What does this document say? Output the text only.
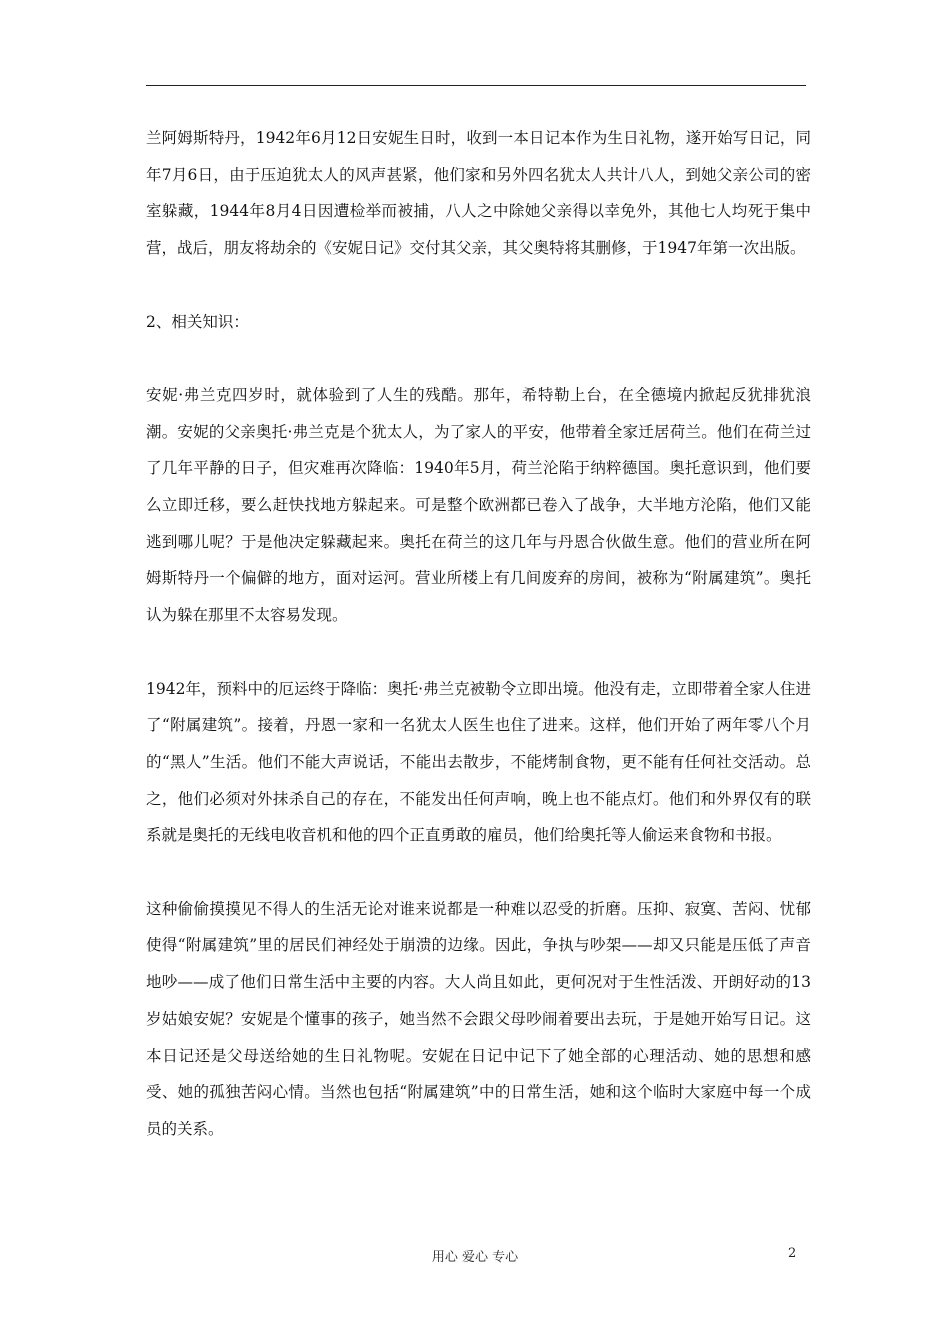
兰阿姆斯特丹，1942年6月12日安妮生日时，收到一本日记本作为生日礼物，遂开始写日记，同年7月6日，由于压迫犹太人的风声甚紧，他们家和另外四名犹太人共计八人，到她父亲公司的密室躲藏，1944年8月4日因遭检举而被捕，八人之中除她父亲得以幸免外，其他七人均死于集中营，战后，朋友将劫余的《安妮日记》交付其父亲，其父奥特将其删修，于1947年第一次出版。

2、相关知识：

安妮·弗兰克四岁时，就体验到了人生的残酷。那年，希特勒上台，在全德境内掀起反犹排犹浪潮。安妮的父亲奥托·弗兰克是个犹太人，为了家人的平安，他带着全家迁居荷兰。他们在荷兰过了几年平静的日子，但灾难再次降临：1940年5月，荷兰沦陷于纳粹德国。奥托意识到，他们要么立即迁移，要么赶快找地方躲起来。可是整个欧洲都已卷入了战争，大半地方沦陷，他们又能逃到哪儿呢？于是他决定躲藏起来。奥托在荷兰的这几年与丹恩合伙做生意。他们的营业所在阿姆斯特丹一个偏僻的地方，面对运河。营业所楼上有几间废弃的房间，被称为“附属建筑”。奥托认为躲在那里不太容易发现。

1942年，预料中的厄运终于降临：奥托·弗兰克被勒令立即出境。他没有走，立即带着全家人住进了“附属建筑”。接着，丹恩一家和一名犹太人医生也住了进来。这样，他们开始了两年零八个月的“黑人”生活。他们不能大声说话，不能出去散步，不能烤制食物，更不能有任何社交活动。总之，他们必须对外抹杀自己的存在，不能发出任何声响，晚上也不能点灯。他们和外界仅有的联系就是奥托的无线电收音机和他的四个正直勇敢的雇员，他们给奥托等人偷运来食物和书报。

这种偷偷摸摸见不得人的生活无论对谁来说都是一种难以忍受的折磨。压抑、寂寞、苦闷、忧郁使得“附属建筑”里的居民们神经处于崩溃的边缘。因此，争执与吵架——却又只能是压低了声音地吵——成了他们日常生活中主要的内容。大人尚且如此，更何况对于生性活泼、开朗好动的13岁姑娘安妮？安妮是个懂事的孩子，她当然不会跟父母吵闹着要出去玩，于是她开始写日记。这本日记还是父母送给她的生日礼物呢。安妮在日记中记下了她全部的心理活动、她的思想和感受、她的孤独苦闷心情。当然也包括“附属建筑”中的日常生活，她和这个临时大家庭中每一个成员的关系。

用心 爱心 专心	2
